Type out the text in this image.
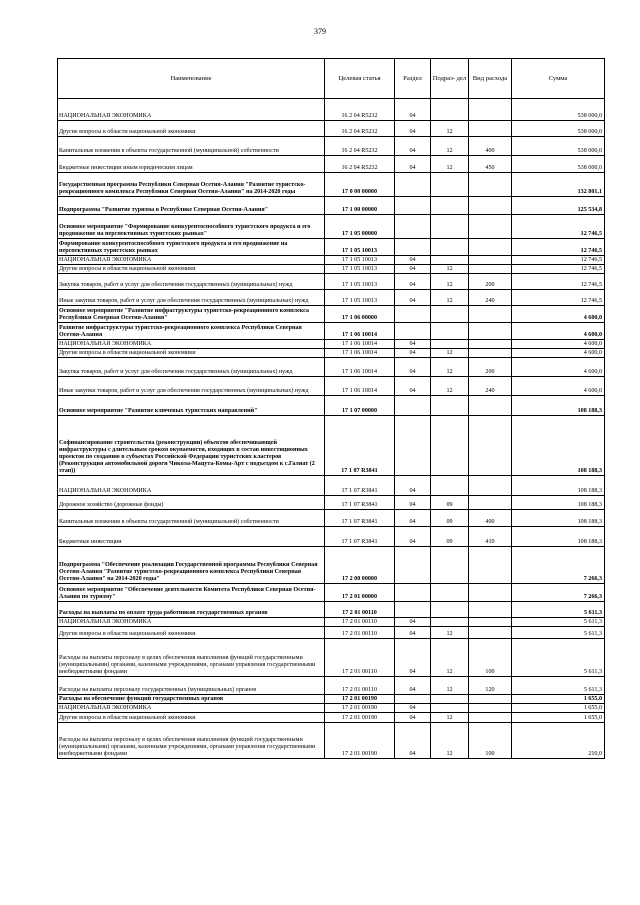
379
Наименование	Целевая статья	Раздел	Подраз- дел	Вид расхода	Сумма
НАЦИОНАЛЬНАЯ ЭКОНОМИКА	16 2 04 R5232	04			538 000,0
Другие вопросы в области национальной экономики	16 2 04 R5232	04	12		538 000,0
Капитальные вложения в объекты государственной (муниципальной) собственности	16 2 04 R5232	04	12	400	538 000,0
Бюджетные инвестиции иным юридическим лицам	16 2 04 R5232	04	12	450	538 000,0
Государственная программа Республики Северная Осетия-Алания "Развитие туристско-рекреационного комплекса Республики Северная Осетия-Алания" на 2014-2020 годы	17 0 00 00000				132 801,1
Подпрограмма "Развитие туризма в Республике Северная Осетия-Алания"	17 1 00 00000				125 534,8
Основное мероприятие "Формирование конкурентоспособного туристского продукта и его продвижение на перспективных туристских рынках"	17 1 05 00000				12 746,5
Формирование конкурентоспособного туристского продукта и его продвижение на перспективных туристских рынках	17 1 05 10013				12 746,5
НАЦИОНАЛЬНАЯ ЭКОНОМИКА	17 1 05 10013	04			12 746,5
Другие вопросы в области национальной экономики	17 1 05 10013	04	12		12 746,5
Закупка товаров, работ и услуг для обеспечения государственных (муниципальных) нужд	17 1 05 10013	04	12	200	12 746,5
Иные закупки товаров, работ и услуг для обеспечения государственных (муниципальных) нужд	17 1 05 10013	04	12	240	12 746,5
Основное мероприятие "Развитие инфраструктуры туристско-рекреационного комплекса Республики Северная Осетия-Алания"	17 1 06 00000				4 600,0
Развитие инфраструктуры туристско-рекреационного комплекса Республики Северная Осетия-Алания	17 1 06 10014				4 600,0
НАЦИОНАЛЬНАЯ ЭКОНОМИКА	17 1 06 10014	04			4 600,0
Другие вопросы в области национальной экономики	17 1 06 10014	04	12		4 600,0
Закупка товаров, работ и услуг для обеспечения государственных (муниципальных) нужд	17 1 06 10014	04	12	200	4 600,0
Иные закупки товаров, работ и услуг для обеспечения государственных (муниципальных) нужд	17 1 06 10014	04	12	240	4 600,0
Основное мероприятие "Развитие ключевых туристских направлений"	17 1 07 00000				108 188,3
Софинансирование строительства (реконструкции) объектов обеспечивающей инфраструктуры с длительным сроком окупаемости, входящих в состав инвестиционных проектов по созданию в субъектах Российской Федерации туристских кластеров (Реконструкция автомобильной дороги Чикола-Мацута-Комы-Арт с подъездом к с.Галиат (2 этап))	17 1 07 R3841				108 188,3
НАЦИОНАЛЬНАЯ ЭКОНОМИКА	17 1 07 R3841	04			108 188,3
Дорожное хозяйство (дорожные фонды)	17 1 07 R3841	04	09		108 188,3
Капитальные вложения в объекты государственной (муниципальной) собственности	17 1 07 R3841	04	09	400	108 188,3
Бюджетные инвестиции	17 1 07 R3841	04	09	410	108 188,3
Подпрограмма "Обеспечение реализации Государственной программы Республики Северная Осетия-Алания "Развитие туристско-рекреационного комплекса Республики Северная Осетия-Алания" на 2014-2020 годы"	17 2 00 00000				7 266,3
Основное мероприятие "Обеспечение деятельности Комитета Республики Северная Осетия-Алания по туризму"	17 2 01 00000				7 266,3
Расходы на выплаты по оплате труда работников государственных органов	17 2 01 00110				5 611,3
НАЦИОНАЛЬНАЯ ЭКОНОМИКА	17 2 01 00110	04			5 611,3
Другие вопросы в области национальной экономики	17 2 01 00110	04	12		5 611,3
Расходы на выплаты персоналу в целях обеспечения выполнения функций государственными (муниципальными) органами, казенными учреждениями, органами управления государственными внебюджетными фондами	17 2 01 00110	04	12	100	5 611,3
Расходы на выплаты персоналу государственных (муниципальных) органов	17 2 01 00110	04	12	120	5 611,3
Расходы на обеспечение функций государственных органов	17 2 01 00190				1 655,0
НАЦИОНАЛЬНАЯ ЭКОНОМИКА	17 2 01 00190	04			1 655,0
Другие вопросы в области национальной экономики	17 2 01 00190	04	12		1 655,0
Расходы на выплаты персоналу в целях обеспечения выполнения функций государственными (муниципальными) органами, казенными учреждениями, органами управления государственными внебюджетными фондами	17 2 01 00190	04	12	100	210,0
